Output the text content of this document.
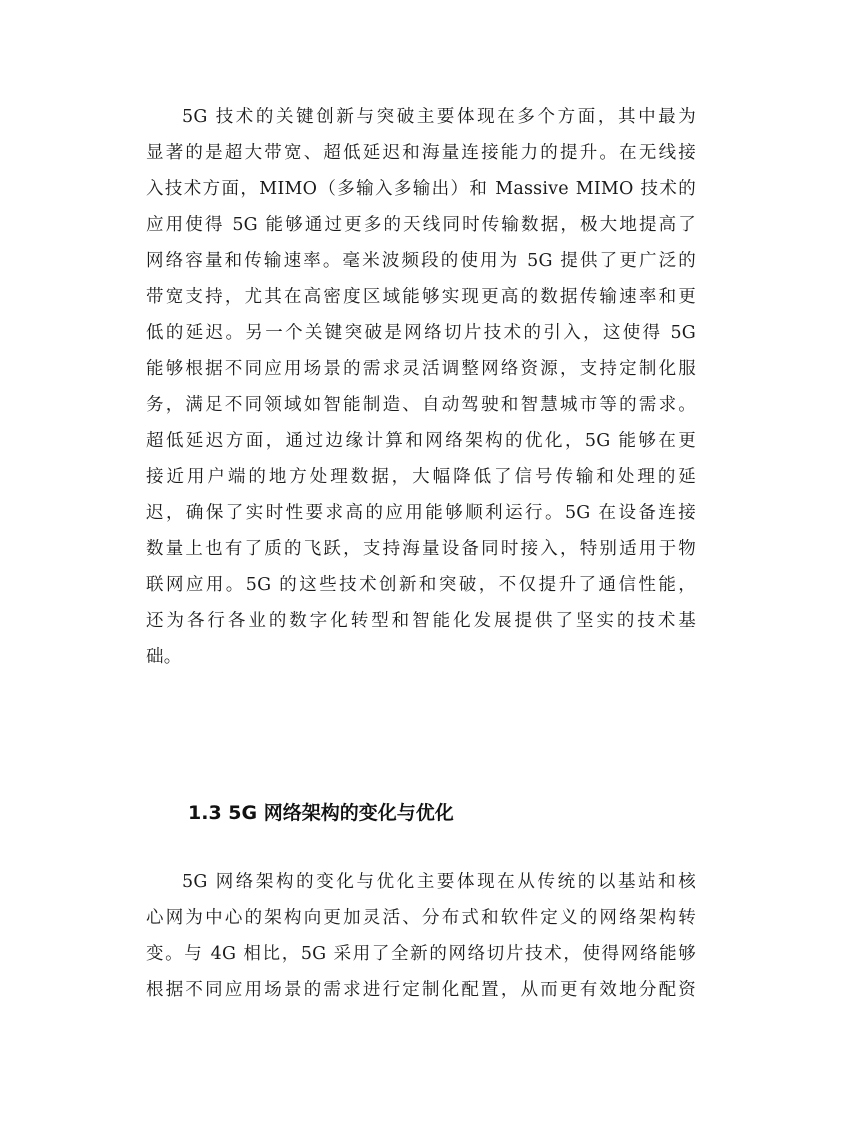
5G 技术的关键创新与突破主要体现在多个方面，其中最为
显著的是超大带宽、超低延迟和海量连接能力的提升。在无线接
入技术方面，MIMO（多输入多输出）和 Massive MIMO 技术的
应用使得 5G 能够通过更多的天线同时传输数据，极大地提高了
网络容量和传输速率。毫米波频段的使用为 5G 提供了更广泛的
带宽支持，尤其在高密度区域能够实现更高的数据传输速率和更
低的延迟。另一个关键突破是网络切片技术的引入，这使得 5G
能够根据不同应用场景的需求灵活调整网络资源，支持定制化服
务，满足不同领域如智能制造、自动驾驶和智慧城市等的需求。
超低延迟方面，通过边缘计算和网络架构的优化，5G 能够在更
接近用户端的地方处理数据，大幅降低了信号传输和处理的延
迟，确保了实时性要求高的应用能够顺利运行。5G 在设备连接
数量上也有了质的飞跃，支持海量设备同时接入，特别适用于物
联网应用。5G 的这些技术创新和突破，不仅提升了通信性能，
还为各行各业的数字化转型和智能化发展提供了坚实的技术基
础。
1.3 5G 网络架构的变化与优化
5G 网络架构的变化与优化主要体现在从传统的以基站和核
心网为中心的架构向更加灵活、分布式和软件定义的网络架构转
变。与 4G 相比，5G 采用了全新的网络切片技术，使得网络能够
根据不同应用场景的需求进行定制化配置，从而更有效地分配资
